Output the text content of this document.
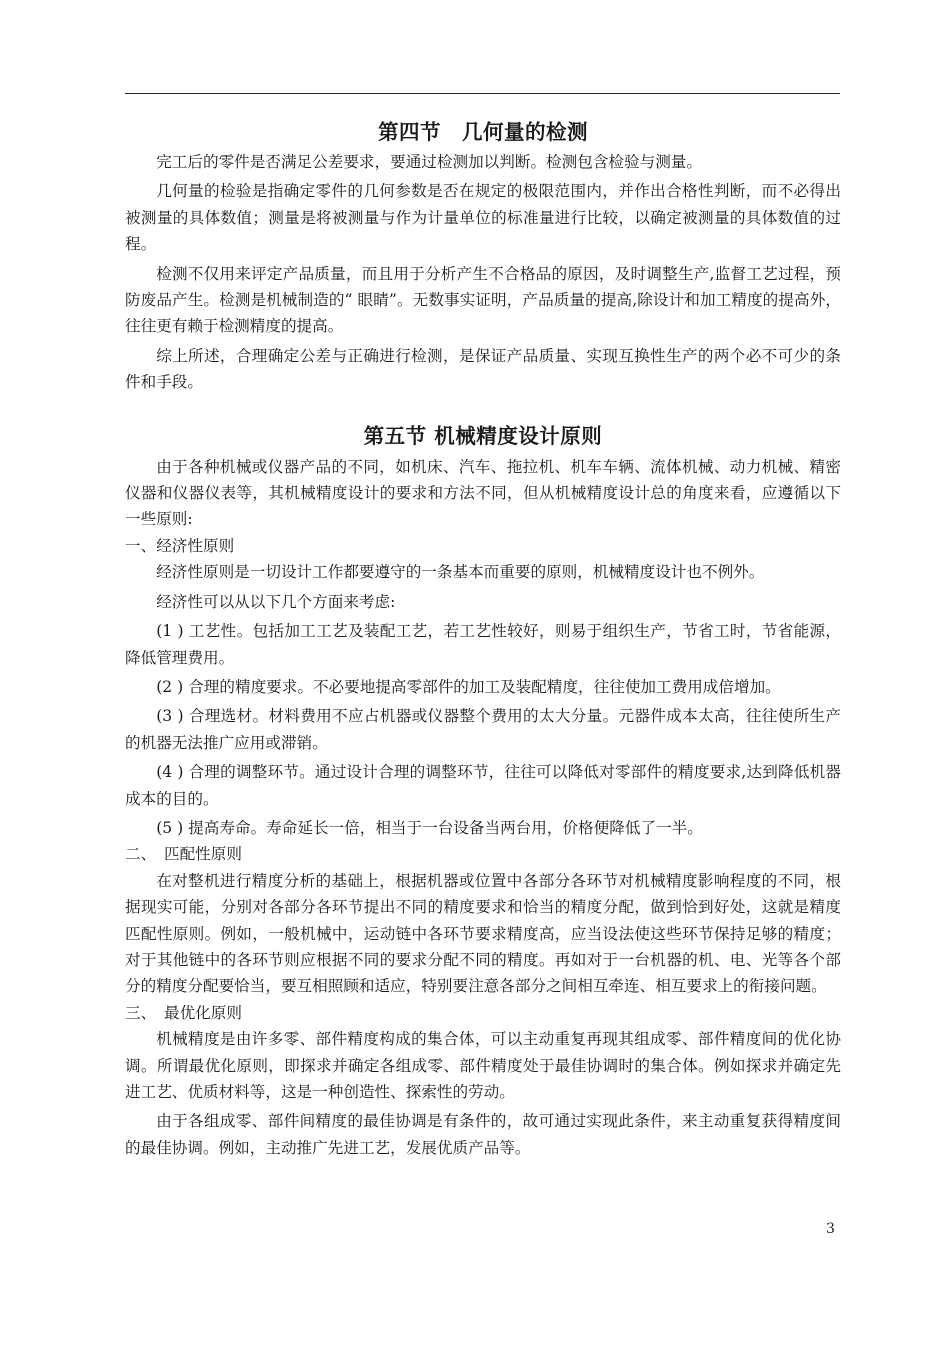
第四节　几何量的检测

完工后的零件是否满足公差要求，要通过检测加以判断。检测包含检验与测量。

几何量的检验是指确定零件的几何参数是否在规定的极限范围内，并作出合格性判断，而不必得出被测量的具体数值；测量是将被测量与作为计量单位的标准量进行比较，以确定被测量的具体数值的过程。

检测不仅用来评定产品质量，而且用于分析产生不合格品的原因，及时调整生产,监督工艺过程，预防废品产生。检测是机械制造的“ 眼睛”。无数事实证明，产品质量的提高,除设计和加工精度的提高外，往往更有赖于检测精度的提高。

综上所述，合理确定公差与正确进行检测，是保证产品质量、实现互换性生产的两个必不可少的条件和手段。

第五节 机械精度设计原则

由于各种机械或仪器产品的不同，如机床、汽车、拖拉机、机车车辆、流体机械、动力机械、精密仪器和仪器仪表等，其机械精度设计的要求和方法不同，但从机械精度设计总的角度来看，应遵循以下一些原则:

一、经济性原则

经济性原则是一切设计工作都要遵守的一条基本而重要的原则，机械精度设计也不例外。

经济性可以从以下几个方面来考虑:

(1 ) 工艺性。包括加工工艺及装配工艺，若工艺性较好，则易于组织生产，节省工时，节省能源，降低管理费用。

(2 ) 合理的精度要求。不必要地提高零部件的加工及装配精度，往往使加工费用成倍增加。

(3 ) 合理选材。材料费用不应占机器或仪器整个费用的太大分量。元器件成本太高，往往使所生产的机器无法推广应用或滞销。

(4 ) 合理的调整环节。通过设计合理的调整环节，往往可以降低对零部件的精度要求,达到降低机器成本的目的。

(5 ) 提高寿命。寿命延长一倍，相当于一台设备当两台用，价格便降低了一半。

二、　匹配性原则

在对整机进行精度分析的基础上，根据机器或位置中各部分各环节对机械精度影响程度的不同，根据现实可能，分别对各部分各环节提出不同的精度要求和恰当的精度分配，做到恰到好处，这就是精度匹配性原则。例如，一般机械中，运动链中各环节要求精度高，应当设法使这些环节保持足够的精度；对于其他链中的各环节则应根据不同的要求分配不同的精度。再如对于一台机器的机、电、光等各个部分的精度分配要恰当，要互相照顾和适应，特别要注意各部分之间相互牵连、相互要求上的衔接问题。

三、　最优化原则

机械精度是由许多零、部件精度构成的集合体，可以主动重复再现其组成零、部件精度间的优化协调。所谓最优化原则，即探求并确定各组成零、部件精度处于最佳协调时的集合体。例如探求并确定先进工艺、优质材料等，这是一种创造性、探索性的劳动。

由于各组成零、部件间精度的最佳协调是有条件的，故可通过实现此条件，来主动重复获得精度间的最佳协调。例如，主动推广先进工艺，发展优质产品等。

3
